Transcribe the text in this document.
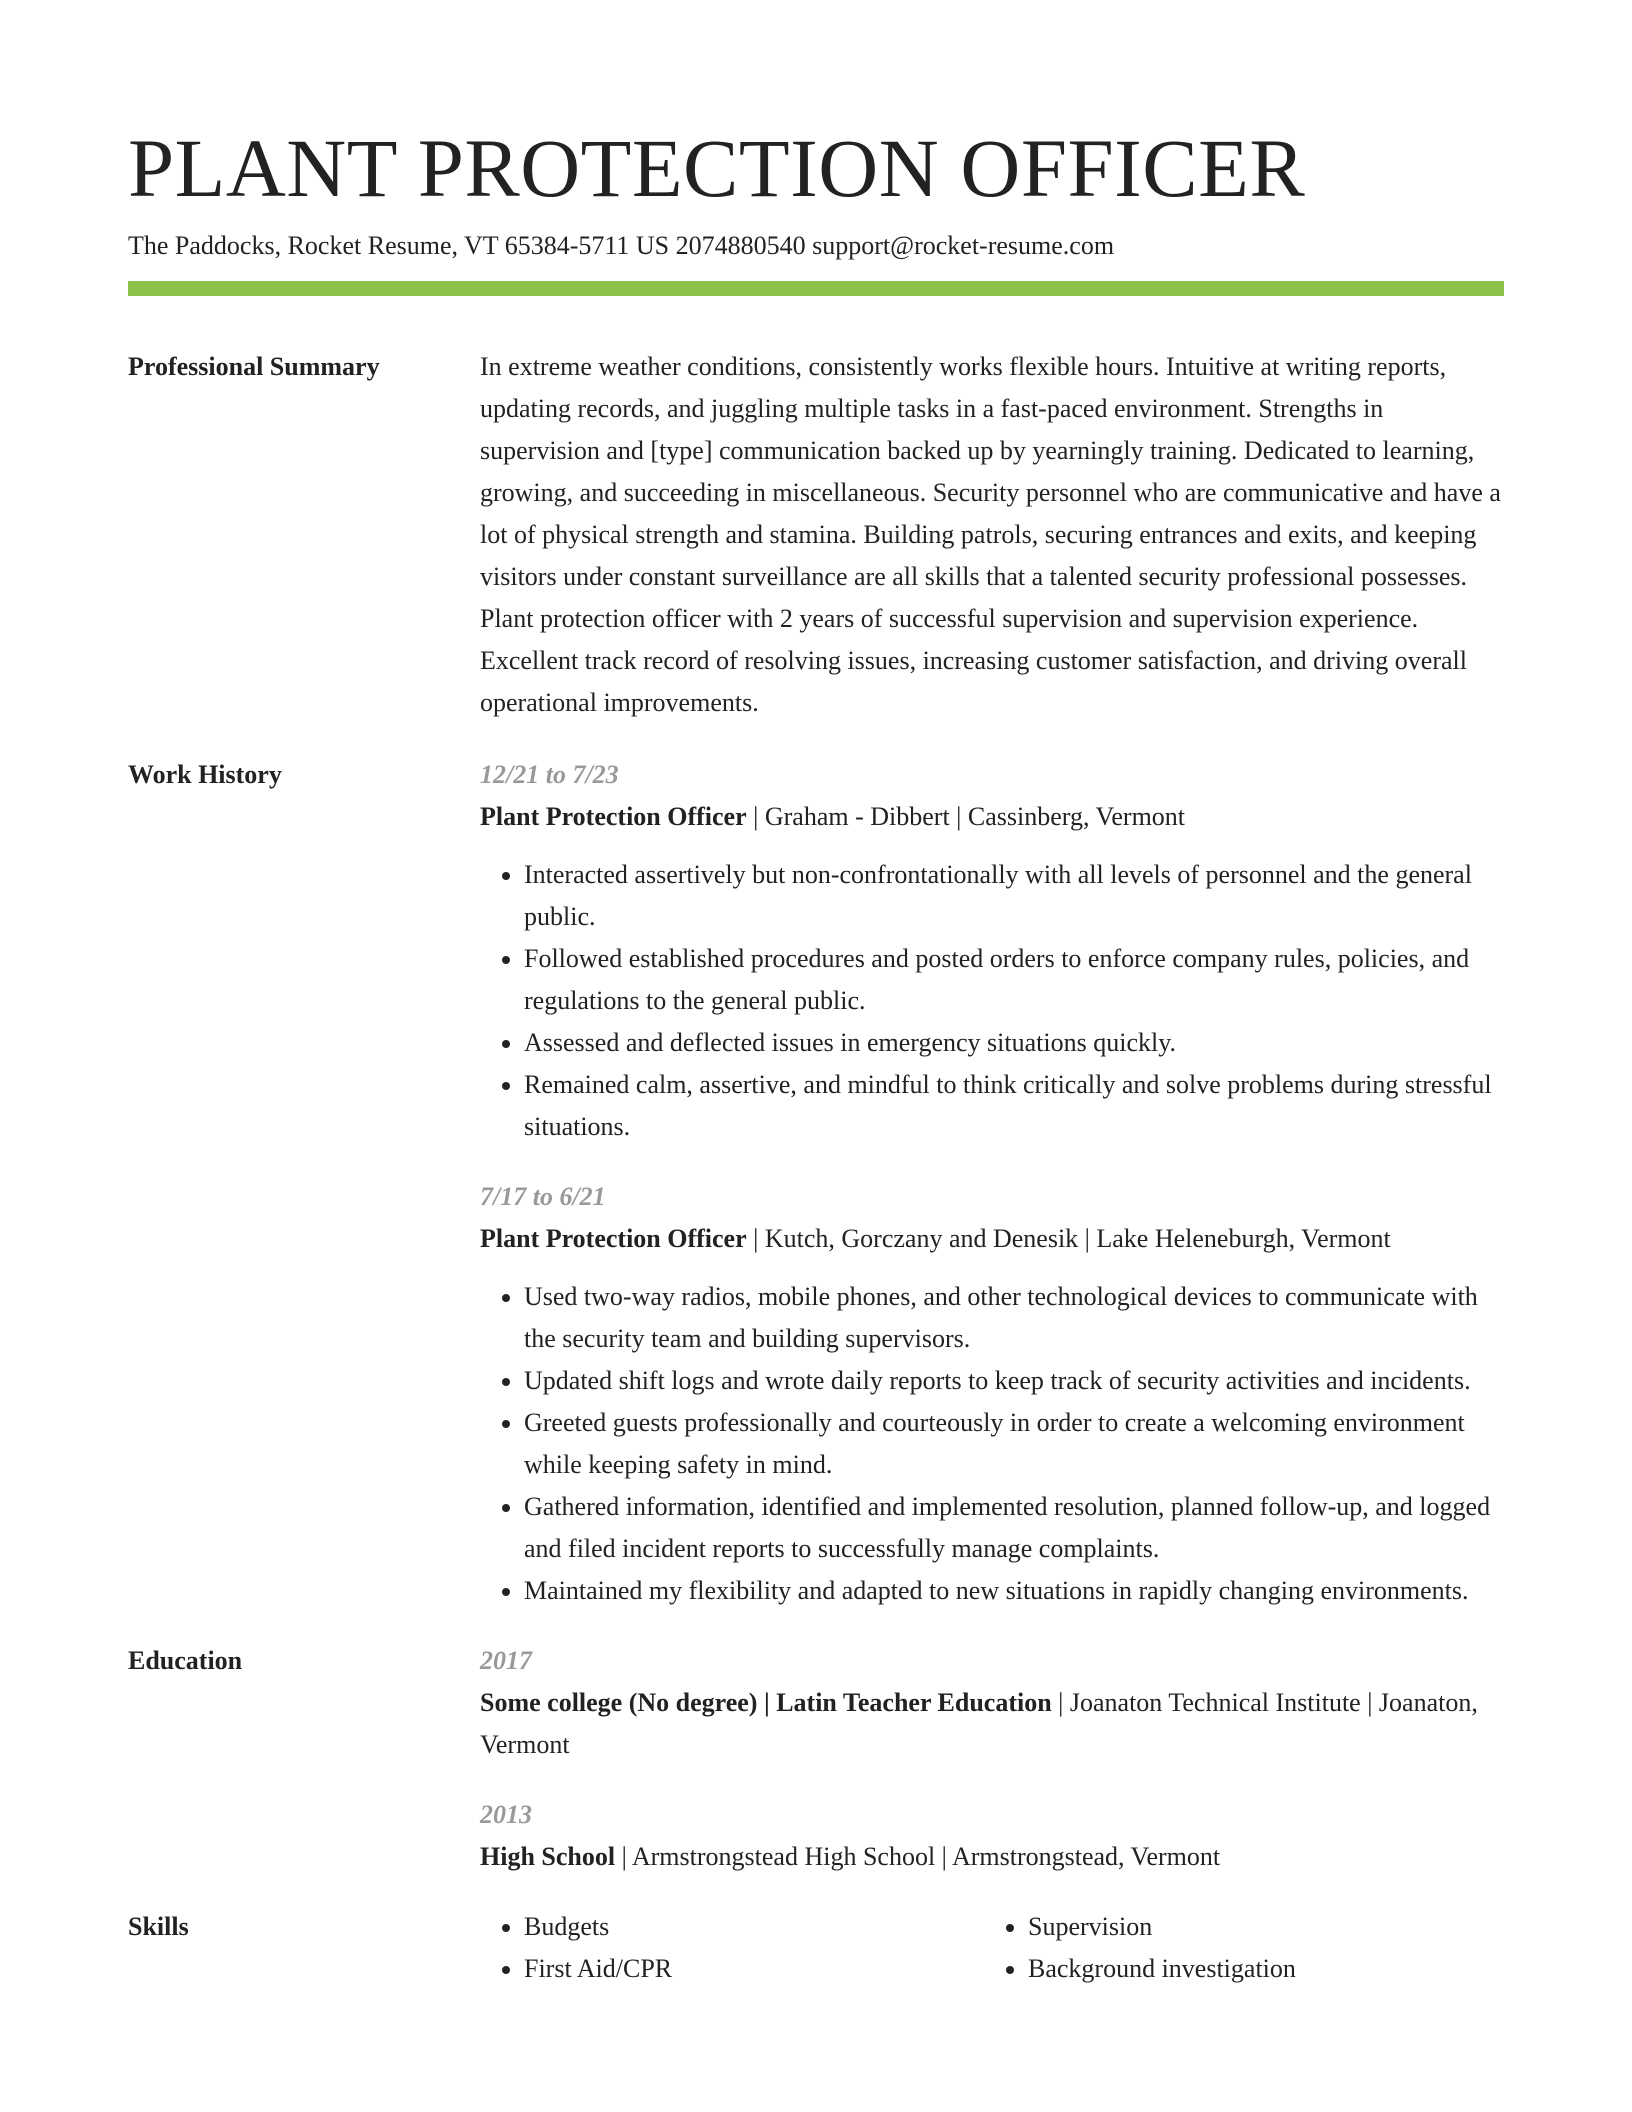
PLANT PROTECTION OFFICER
The Paddocks, Rocket Resume, VT 65384-5711 US 2074880540 support@rocket-resume.com
Professional Summary	In extreme weather conditions, consistently works flexible hours. Intuitive at writing reports, updating records, and juggling multiple tasks in a fast-paced environment. Strengths in supervision and [type] communication backed up by yearningly training. Dedicated to learning, growing, and succeeding in miscellaneous. Security personnel who are communicative and have a lot of physical strength and stamina. Building patrols, securing entrances and exits, and keeping visitors under constant surveillance are all skills that a talented security professional possesses. Plant protection officer with 2 years of successful supervision and supervision experience. Excellent track record of resolving issues, increasing customer satisfaction, and driving overall operational improvements.
Work History	12/21 to 7/23
Plant Protection Officer | Graham - Dibbert | Cassinberg, Vermont
• Interacted assertively but non-confrontationally with all levels of personnel and the general public.
• Followed established procedures and posted orders to enforce company rules, policies, and regulations to the general public.
• Assessed and deflected issues in emergency situations quickly.
• Remained calm, assertive, and mindful to think critically and solve problems during stressful situations.
7/17 to 6/21
Plant Protection Officer | Kutch, Gorczany and Denesik | Lake Heleneburgh, Vermont
• Used two-way radios, mobile phones, and other technological devices to communicate with the security team and building supervisors.
• Updated shift logs and wrote daily reports to keep track of security activities and incidents.
• Greeted guests professionally and courteously in order to create a welcoming environment while keeping safety in mind.
• Gathered information, identified and implemented resolution, planned follow-up, and logged and filed incident reports to successfully manage complaints.
• Maintained my flexibility and adapted to new situations in rapidly changing environments.
Education	2017
Some college (No degree) | Latin Teacher Education | Joanaton Technical Institute | Joanaton, Vermont
2013
High School | Armstrongstead High School | Armstrongstead, Vermont
Skills
•	Budgets
• First Aid/CPR
• Supervision
• Background investigation
